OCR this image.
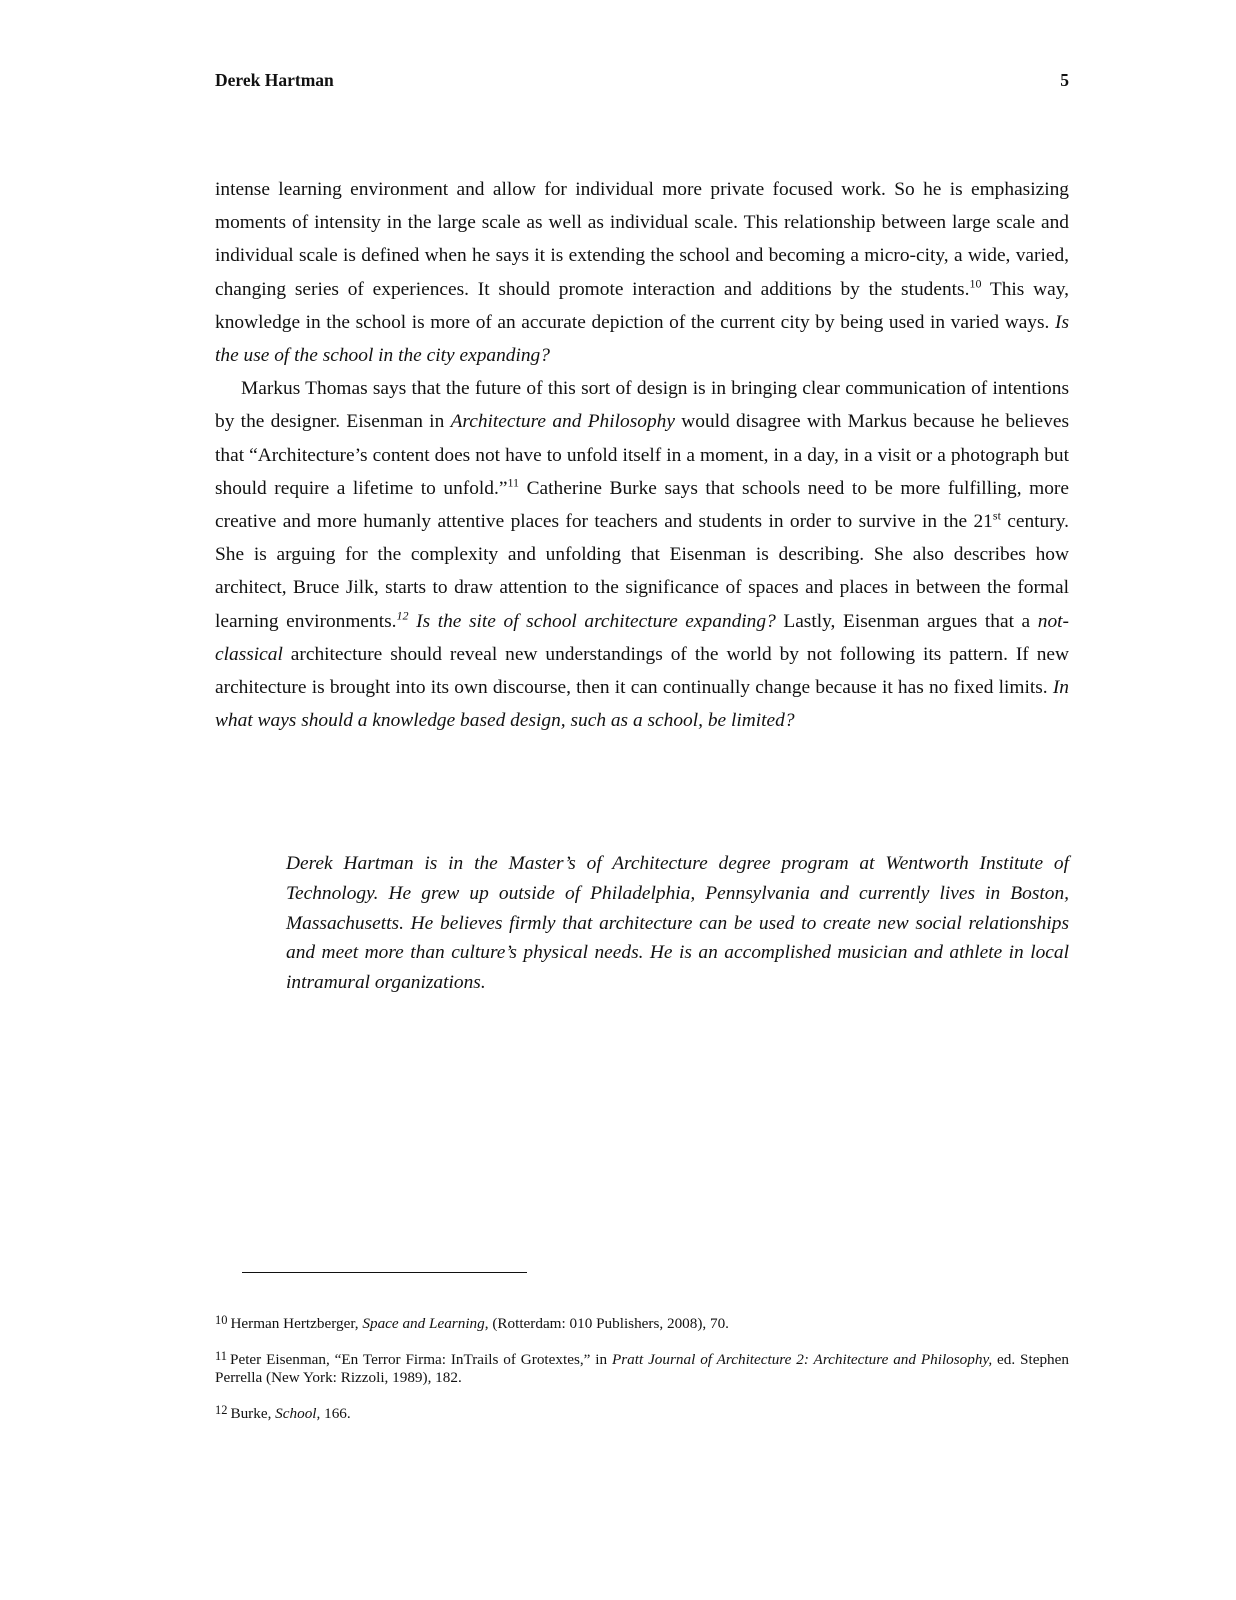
Derek Hartman	5

intense learning environment and allow for individual more private focused work. So he is emphasizing moments of intensity in the large scale as well as individual scale. This relationship between large scale and individual scale is defined when he says it is extending the school and becoming a micro-city, a wide, varied, changing series of experiences. It should promote interaction and additions by the students.$^{10}$ This way, knowledge in the school is more of an accurate depiction of the current city by being used in varied ways. Is the use of the school in the city expanding?

Markus Thomas says that the future of this sort of design is in bringing clear communication of intentions by the designer. Eisenman in Architecture and Philosophy would disagree with Markus because he believes that “Architecture’s content does not have to unfold itself in a moment, in a day, in a visit or a photograph but should require a lifetime to unfold.”$^{11}$ Catherine Burke says that schools need to be more fulfilling, more creative and more humanly attentive places for teachers and students in order to survive in the 21st century. She is arguing for the complexity and unfolding that Eisenman is describing. She also describes how architect, Bruce Jilk, starts to draw attention to the significance of spaces and places in between the formal learning environments.$^{12}$ Is the site of school architecture expanding? Lastly, Eisenman argues that a not-classical architecture should reveal new understandings of the world by not following its pattern. If new architecture is brought into its own discourse, then it can continually change because it has no fixed limits. In what ways should a knowledge based design, such as a school, be limited?

Derek Hartman is in the Master’s of Architecture degree program at Wentworth Institute of Technology. He grew up outside of Philadelphia, Pennsylvania and currently lives in Boston, Massachusetts. He believes firmly that architecture can be used to create new social relationships and meet more than culture’s physical needs. He is an accomplished musician and athlete in local intramural organizations.

$^{10}$ Herman Hertzberger, Space and Learning, (Rotterdam: 010 Publishers, 2008), 70.

$^{11}$ Peter Eisenman, “En Terror Firma: InTrails of Grotextes,” in Pratt Journal of Architecture 2: Architecture and Philosophy, ed. Stephen Perrella (New York: Rizzoli, 1989), 182.

$^{12}$ Burke, School, 166.
